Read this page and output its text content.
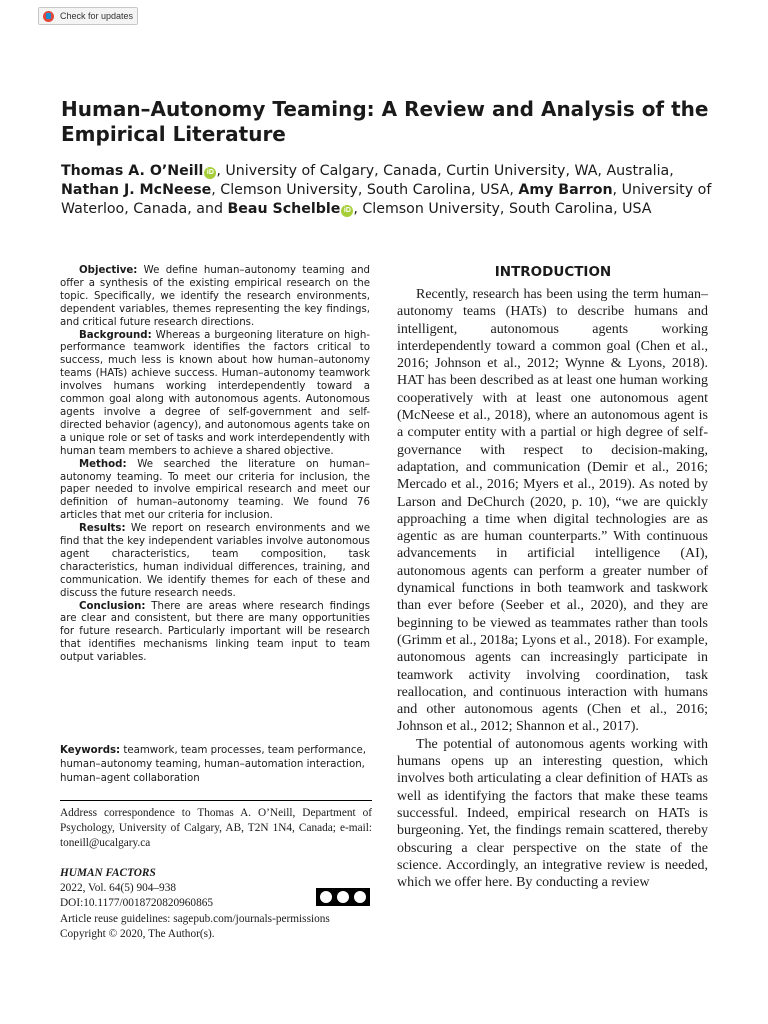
Check for updates
Human–Autonomy Teaming: A Review and Analysis of the Empirical Literature

Thomas A. O’Neill iD , University of Calgary, Canada, Curtin University, WA, Australia, Nathan J. McNeese, Clemson University, South Carolina, USA, Amy Barron, University of Waterloo, Canada, and Beau Schelble iD , Clemson University, South Carolina, USA

Objective: We define human–autonomy teaming and offer a synthesis of the existing empirical research on the topic. Specifically, we identify the research environments, dependent variables, themes representing the key findings, and critical future research directions.

Background: Whereas a burgeoning literature on high-performance teamwork identifies the factors critical to success, much less is known about how human–autonomy teams (HATs) achieve success. Human–autonomy teamwork involves humans working interdependently toward a common goal along with autonomous agents. Autonomous agents involve a degree of self-government and self-directed behavior (agency), and autonomous agents take on a unique role or set of tasks and work interdependently with human team members to achieve a shared objective.

Method: We searched the literature on human–autonomy teaming. To meet our criteria for inclusion, the paper needed to involve empirical research and meet our definition of human–autonomy teaming. We found 76 articles that met our criteria for inclusion.

Results: We report on research environments and we find that the key independent variables involve autonomous agent characteristics, team composition, task characteristics, human individual differences, training, and communication. We identify themes for each of these and discuss the future research needs.

Conclusion: There are areas where research findings are clear and consistent, but there are many opportunities for future research. Particularly important will be research that identifies mechanisms linking team input to team output variables.

Keywords: teamwork, team processes, team performance, human–autonomy teaming, human–automation interaction, human–agent collaboration

Address correspondence to Thomas A. O’Neill, Department of Psychology, University of Calgary, AB, T2N 1N4, Canada; e-mail: toneill@ucalgary.ca

HUMAN FACTORS
2022, Vol. 64(5) 904–938
DOI:10.1177/0018720820960865
Article reuse guidelines: sagepub.com/journals-permissions
Copyright © 2020, The Author(s).
INTRODUCTION

Recently, research has been using the term human–autonomy teams (HATs) to describe humans and intelligent, autonomous agents working interdependently toward a common goal (Chen et al., 2016; Johnson et al., 2012; Wynne & Lyons, 2018). HAT has been described as at least one human working cooperatively with at least one autonomous agent (McNeese et al., 2018), where an autonomous agent is a computer entity with a partial or high degree of self-governance with respect to decision-making, adaptation, and communication (Demir et al., 2016; Mercado et al., 2016; Myers et al., 2019). As noted by Larson and DeChurch (2020, p. 10), “we are quickly approaching a time when digital technologies are as agentic as are human counterparts.” With continuous advancements in artificial intelligence (AI), autonomous agents can perform a greater number of dynamical functions in both teamwork and taskwork than ever before (Seeber et al., 2020), and they are beginning to be viewed as teammates rather than tools (Grimm et al., 2018a; Lyons et al., 2018). For example, autonomous agents can increasingly participate in teamwork activity involving coordination, task reallocation, and continuous interaction with humans and other autonomous agents (Chen et al., 2016; Johnson et al., 2012; Shannon et al., 2017).

The potential of autonomous agents working with humans opens up an interesting question, which involves both articulating a clear definition of HATs as well as identifying the factors that make these teams successful. Indeed, empirical research on HATs is burgeoning. Yet, the findings remain scattered, thereby obscuring a clear perspective on the state of the science. Accordingly, an integrative review is needed, which we offer here. By conducting a review
